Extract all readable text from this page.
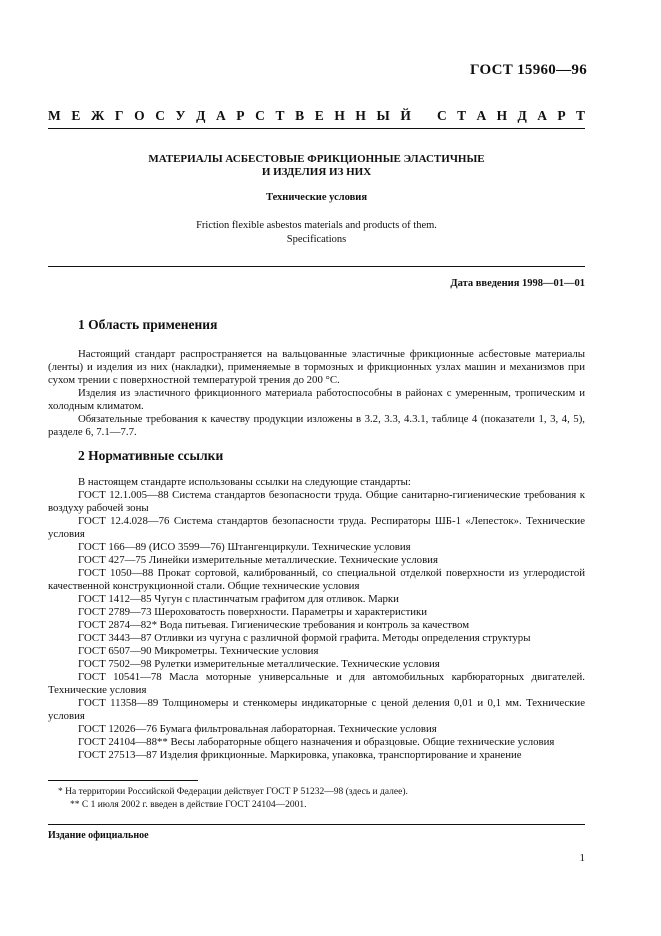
ГОСТ 15960—96
М Е Ж Г О С У Д А Р С Т В Е Н Н Ы Й С Т А Н Д А Р Т
МАТЕРИАЛЫ АСБЕСТОВЫЕ ФРИКЦИОННЫЕ ЭЛАСТИЧНЫЕ
И ИЗДЕЛИЯ ИЗ НИХ
Технические условия
Friction flexible asbestos materials and products of them.
Specifications
Дата введения 1998—01—01
1 Область применения

Настоящий стандарт распространяется на вальцованные эластичные фрикционные асбестовые материалы (ленты) и изделия из них (накладки), применяемые в тормозных и фрикционных узлах машин и механизмов при сухом трении с поверхностной температурой трения до 200 °С.

Изделия из эластичного фрикционного материала работоспособны в районах с умеренным, тропическим и холодным климатом.

Обязательные требования к качеству продукции изложены в 3.2, 3.3, 4.3.1, таблице 4 (показатели 1, 3, 4, 5), разделе 6, 7.1—7.7.

2 Нормативные ссылки

В настоящем стандарте использованы ссылки на следующие стандарты:

ГОСТ 12.1.005—88 Система стандартов безопасности труда. Общие санитарно-гигиенические требования к воздуху рабочей зоны

ГОСТ 12.4.028—76 Система стандартов безопасности труда. Респираторы ШБ-1 «Лепесток». Технические условия

ГОСТ 166—89 (ИСО 3599—76) Штангенциркули. Технические условия

ГОСТ 427—75 Линейки измерительные металлические. Технические условия

ГОСТ 1050—88 Прокат сортовой, калиброванный, со специальной отделкой поверхности из углеродистой качественной конструкционной стали. Общие технические условия

ГОСТ 1412—85 Чугун с пластинчатым графитом для отливок. Марки

ГОСТ 2789—73 Шероховатость поверхности. Параметры и характеристики

ГОСТ 2874—82* Вода питьевая. Гигиенические требования и контроль за качеством

ГОСТ 3443—87 Отливки из чугуна с различной формой графита. Методы определения структуры

ГОСТ 6507—90 Микрометры. Технические условия

ГОСТ 7502—98 Рулетки измерительные металлические. Технические условия

ГОСТ 10541—78 Масла моторные универсальные и для автомобильных карбюраторных двигателей. Технические условия

ГОСТ 11358—89 Толщиномеры и стенкомеры индикаторные с ценой деления 0,01 и 0,1 мм. Технические условия

ГОСТ 12026—76 Бумага фильтровальная лабораторная. Технические условия

ГОСТ 24104—88** Весы лабораторные общего назначения и образцовые. Общие технические условия

ГОСТ 27513—87 Изделия фрикционные. Маркировка, упаковка, транспортирование и хранение

* На территории Российской Федерации действует ГОСТ Р 51232—98 (здесь и далее).

** С 1 июля 2002 г. введен в действие ГОСТ 24104—2001.

Издание официальное
1
